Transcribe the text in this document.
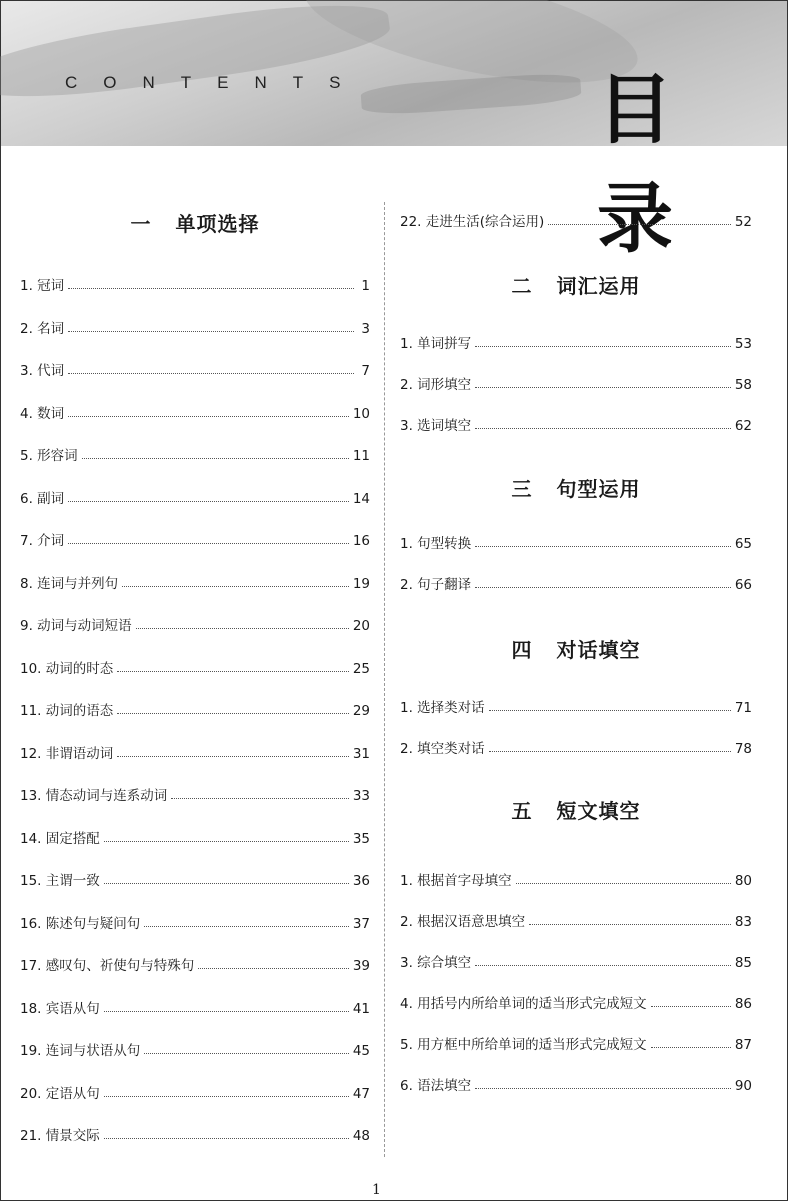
CONTENTS	目录
一 单项选择
1. 冠词	1
2. 名词	3
3. 代词	7
4. 数词	10
5. 形容词	11
6. 副词	14
7. 介词	16
8. 连词与并列句	19
9. 动词与动词短语	20
10. 动词的时态	25
11. 动词的语态	29
12. 非谓语动词	31
13. 情态动词与连系动词	33
14. 固定搭配	35
15. 主谓一致	36
16. 陈述句与疑问句	37
17. 感叹句、祈使句与特殊句	39
18. 宾语从句	41
19. 连词与状语从句	45
20. 定语从句	47
21. 情景交际	48
22. 走进生活(综合运用)	52
二 词汇运用
1. 单词拼写	53
2. 词形填空	58
3. 选词填空	62
三 句型运用
1. 句型转换	65
2. 句子翻译	66
四 对话填空
1. 选择类对话	71
2. 填空类对话	78
五 短文填空
1. 根据首字母填空	80
2. 根据汉语意思填空	83
3. 综合填空	85
4. 用括号内所给单词的适当形式完成短文	86
5. 用方框中所给单词的适当形式完成短文	87
6. 语法填空	90
1
